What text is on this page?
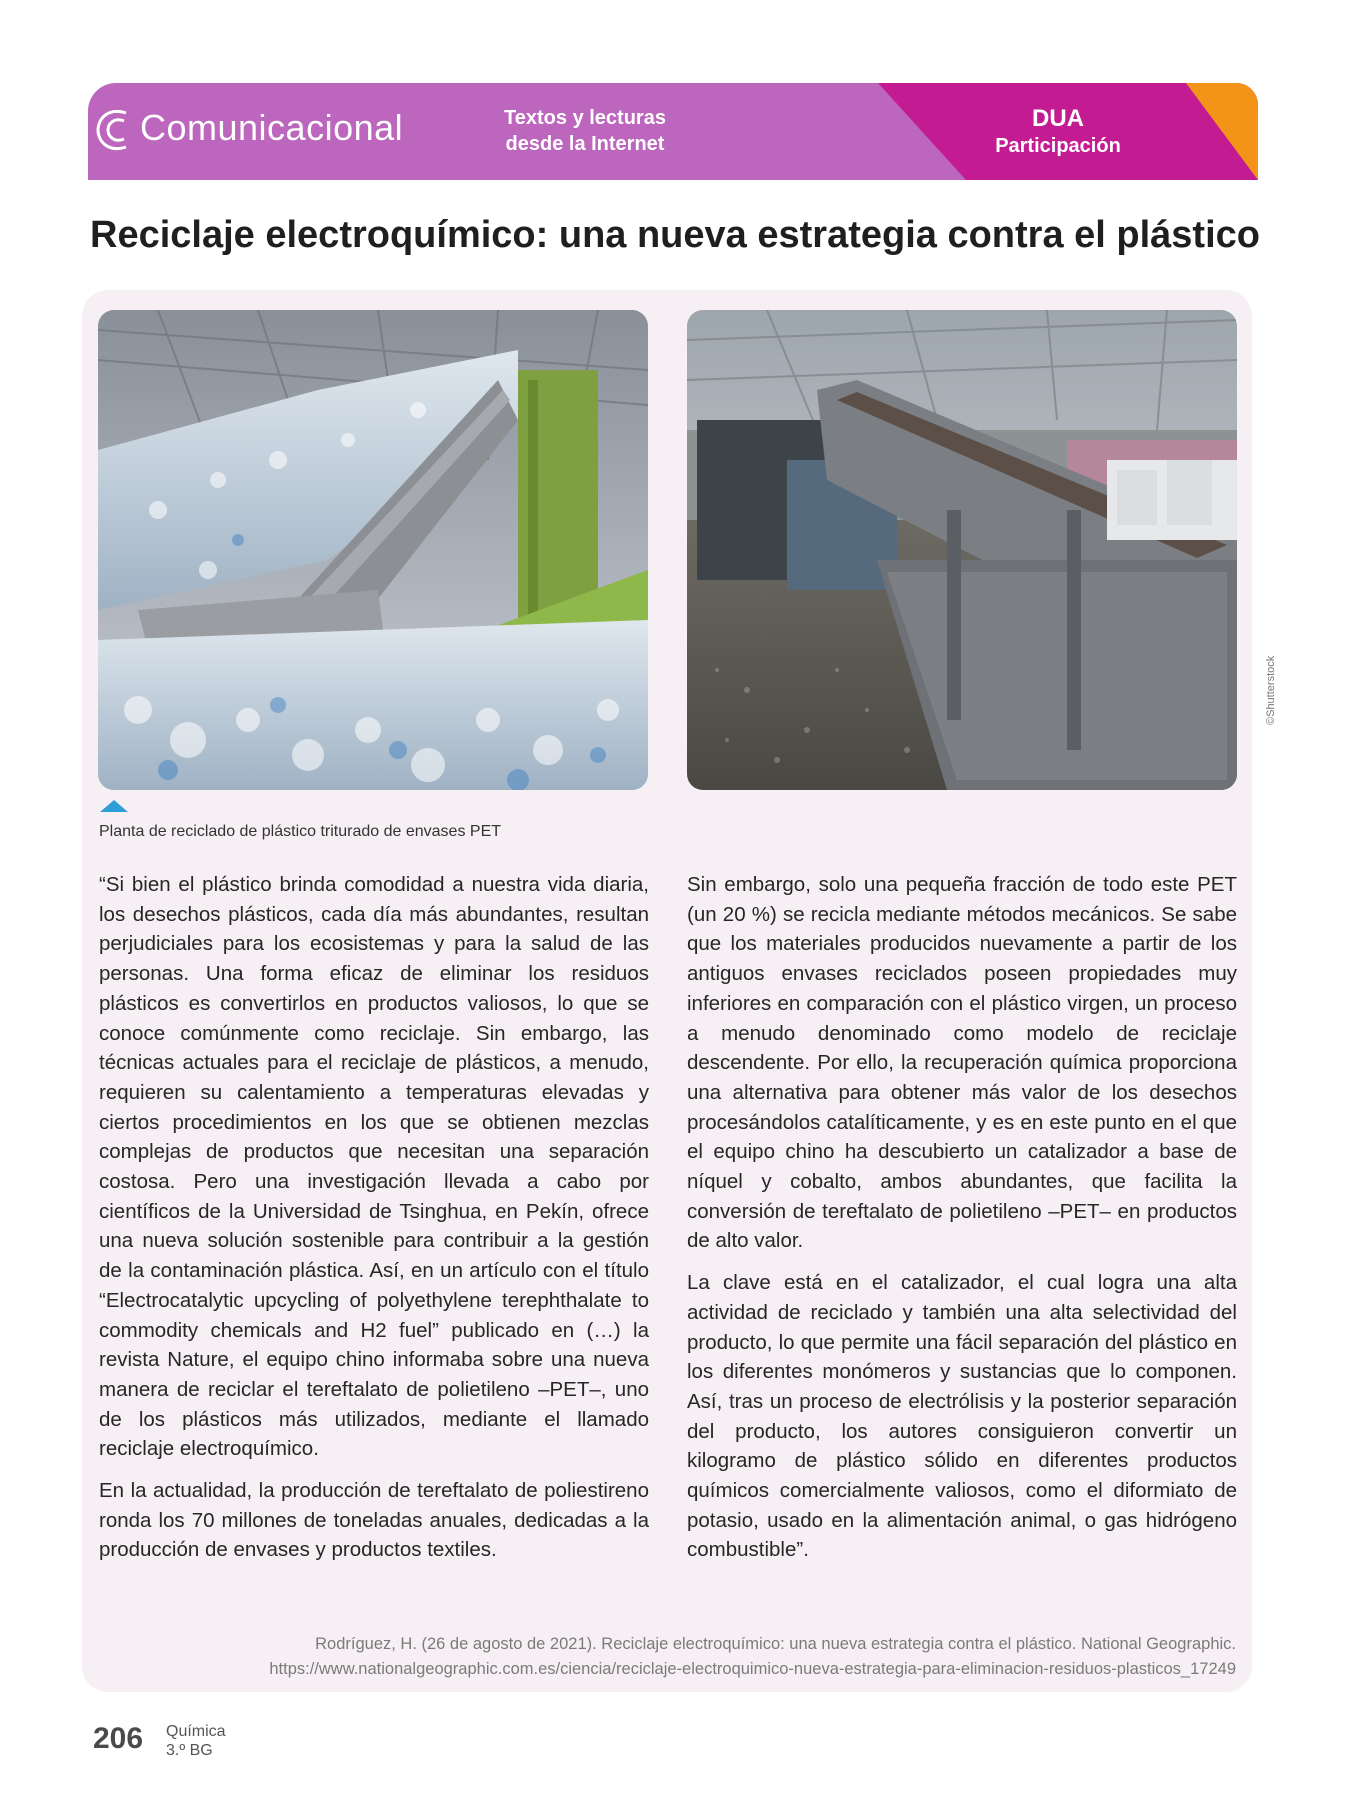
Comunicacional	Textos y lecturas
desde la Internet
DUA
Participación
Reciclaje electroquímico: una nueva estrategia contra el plástico

Planta de reciclado de plástico triturado de envases PET

©Shutterstock

“Si bien el plástico brinda comodidad a nuestra vida diaria, los desechos plásticos, cada día más abundantes, resultan perjudiciales para los ecosistemas y para la salud de las personas. Una forma eficaz de eliminar los residuos plásticos es convertirlos en productos valiosos, lo que se conoce comúnmente como reciclaje. Sin embargo, las técnicas actuales para el reciclaje de plásticos, a menudo, requieren su calentamiento a temperaturas elevadas y ciertos procedimientos en los que se obtienen mezclas complejas de productos que necesitan una separación costosa. Pero una investigación llevada a cabo por científicos de la Universidad de Tsinghua, en Pekín, ofrece una nueva solución sostenible para contribuir a la gestión de la contaminación plástica. Así, en un artículo con el título “Electrocatalytic upcycling of polyethylene terephthalate to commodity chemicals and H2 fuel” publicado en (…) la revista Nature, el equipo chino informaba sobre una nueva manera de reciclar el tereftalato de polietileno –PET–, uno de los plásticos más utilizados, mediante el llamado reciclaje electroquímico.

En la actualidad, la producción de tereftalato de poliestireno ronda los 70 millones de toneladas anuales, dedicadas a la producción de envases y productos textiles.

Sin embargo, solo una pequeña fracción de todo este PET (un 20 %) se recicla mediante métodos mecánicos. Se sabe que los materiales producidos nuevamente a partir de los antiguos envases reciclados poseen propiedades muy inferiores en comparación con el plástico virgen, un proceso a menudo denominado como modelo de reciclaje descendente. Por ello, la recuperación química proporciona una alternativa para obtener más valor de los desechos procesándolos catalíticamente, y es en este punto en el que el equipo chino ha descubierto un catalizador a base de níquel y cobalto, ambos abundantes, que facilita la conversión de tereftalato de polietileno –PET– en productos de alto valor.

La clave está en el catalizador, el cual logra una alta actividad de reciclado y también una alta selectividad del producto, lo que permite una fácil separación del plástico en los diferentes monómeros y sustancias que lo componen. Así, tras un proceso de electrólisis y la posterior separación del producto, los autores consiguieron convertir un kilogramo de plástico sólido en diferentes productos químicos comercialmente valiosos, como el diformiato de potasio, usado en la alimentación animal, o gas hidrógeno combustible”.

Rodríguez, H. (26 de agosto de 2021). Reciclaje electroquímico: una nueva estrategia contra el plástico. National Geographic.
https://www.nationalgeographic.com.es/ciencia/reciclaje-electroquimico-nueva-estrategia-para-eliminacion-residuos-plasticos_17249
206 Química
3.º BG
